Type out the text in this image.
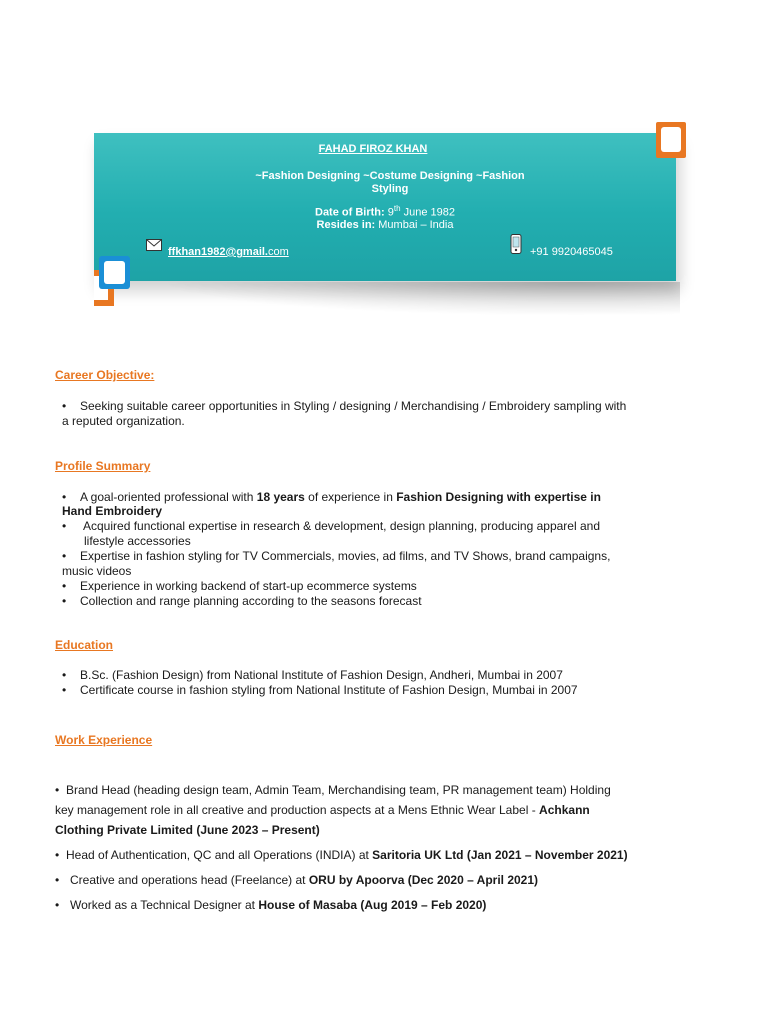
FAHAD FIROZ KHAN
~Fashion Designing ~Costume Designing ~Fashion
Styling
Date of Birth: 9th June 1982
Resides in: Mumbai – India
ffkhan1982@gmail.com	+91 9920465045
Career Objective:
• Seeking suitable career opportunities in Styling / designing / Merchandising / Embroidery sampling with
a reputed organization.
Profile Summary
• A goal-oriented professional with 18 years of experience in Fashion Designing with expertise in
Hand Embroidery
• Acquired functional expertise in research & development, design planning, producing apparel and
lifestyle accessories
• Expertise in fashion styling for TV Commercials, movies, ad films, and TV Shows, brand campaigns,
music videos
• Experience in working backend of start-up ecommerce systems
• Collection and range planning according to the seasons forecast
Education
• B.Sc. (Fashion Design) from National Institute of Fashion Design, Andheri, Mumbai in 2007
• Certificate course in fashion styling from National Institute of Fashion Design, Mumbai in 2007
Work Experience
• Brand Head (heading design team, Admin Team, Merchandising team, PR management team) Holding
key management role in all creative and production aspects at a Mens Ethnic Wear Label - Achkann
Clothing Private Limited (June 2023 – Present)
• Head of Authentication, QC and all Operations (INDIA) at Saritoria UK Ltd (Jan 2021 – November 2021)
• Creative and operations head (Freelance) at ORU by Apoorva (Dec 2020 – April 2021)
• Worked as a Technical Designer at House of Masaba (Aug 2019 – Feb 2020)
